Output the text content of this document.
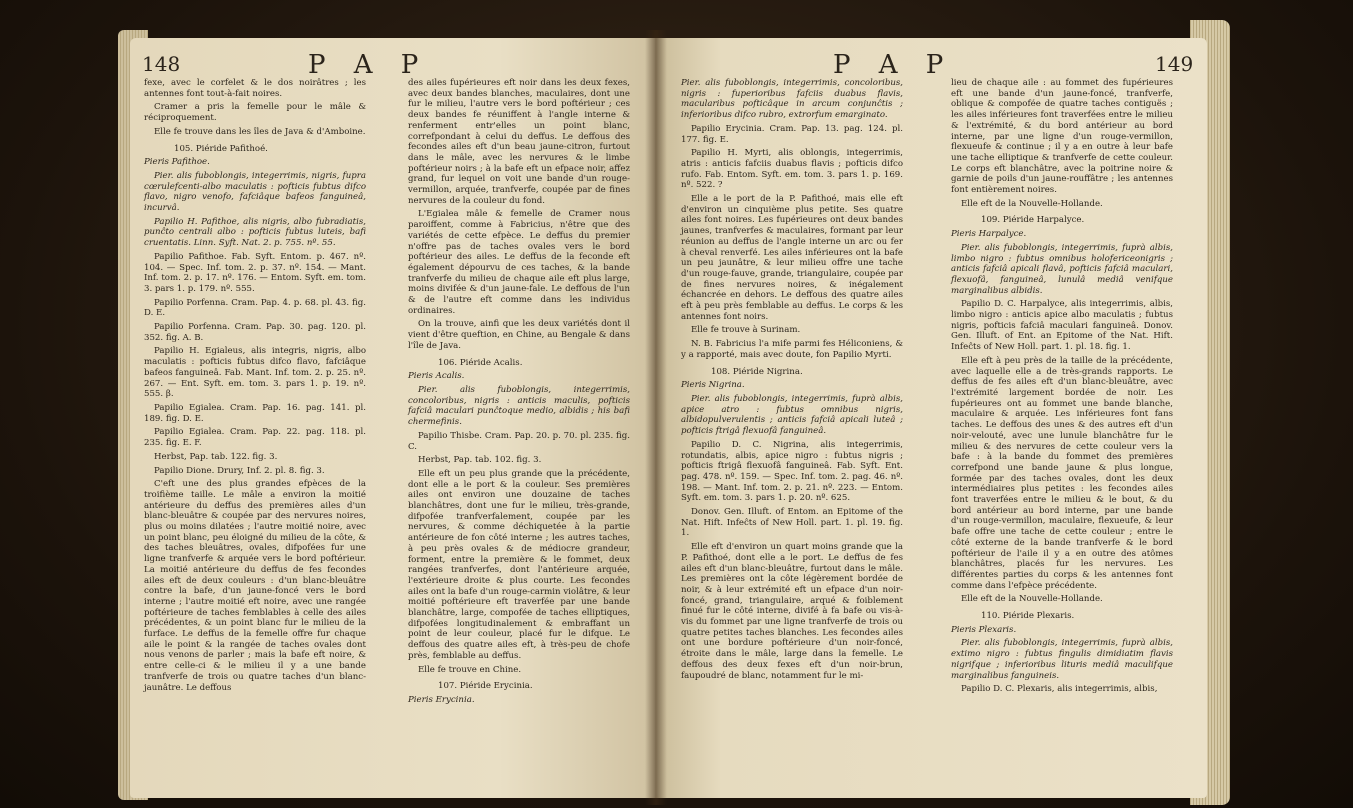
148	P A P

fexe, avec le corfelet & le dos noirâtres ; les antennes font tout-à-fait noires.

Cramer a pris la femelle pour le mâle & réciproquement.

Elle fe trouve dans les îles de Java & d'Amboine.

105. Piéride Pafithoé.

Pieris Pafithoe.

Pier. alis fuboblongis, integerrimis, nigris, fupra cœrulefcenti-albo maculatis : pofticis fubtus difco flavo, nigro venofo, fafciâque bafeos fanguineâ, incurvâ.

Papilio H. Pafithoe, alis nigris, albo fubradiatis, punĉto centrali albo : pofticis fubtus luteis, bafi cruentatis. Linn. Syft. Nat. 2. p. 755. nº. 55.

Papilio Pafithoe. Fab. Syft. Entom. p. 467. nº. 104. — Spec. Inf. tom. 2. p. 37. nº. 154. — Mant. Inf. tom. 2. p. 17. nº. 176. — Entom. Syft. em. tom. 3. pars 1. p. 179. nº. 555.

Papilio Porfenna. Cram. Pap. 4. p. 68. pl. 43. fig. D. E.

Papilio Porfenna. Cram. Pap. 30. pag. 120. pl. 352. fig. A. B.

Papilio H. Egialeus, alis integris, nigris, albo maculatis : pofticis fubtus difco flavo, fafciâque bafeos fanguineâ. Fab. Mant. Inf. tom. 2. p. 25. nº. 267. — Ent. Syft. em. tom. 3. pars 1. p. 19. nº. 555. β.

Papilio Egialea. Cram. Pap. 16. pag. 141. pl. 189. fig. D. E.

Papilio Egialea. Cram. Pap. 22. pag. 118. pl. 235. fig. E. F.

Herbst, Pap. tab. 122. fig. 3.

Papilio Dione. Drury, Inf. 2. pl. 8. fig. 3.

C'eft une des plus grandes efpèces de la troifième taille. Le mâle a environ la moitié antérieure du deffus des premières ailes d'un blanc-bleuâtre & coupée par des nervures noires, plus ou moins dilatées ; l'autre moitié noire, avec un point blanc, peu éloigné du milieu de la côte, & des taches bleuâtres, ovales, difpofées fur une ligne tranfverfe & arquée vers le bord poftérieur. La moitié antérieure du deffus de fes fecondes ailes eft de deux couleurs : d'un blanc-bleuâtre contre la bafe, d'un jaune-foncé vers le bord interne ; l'autre moitié eft noire, avec une rangée poftérieure de taches femblables à celle des ailes précédentes, & un point blanc fur le milieu de la furface. Le deffus de la femelle offre fur chaque aile le point & la rangée de taches ovales dont nous venons de parler ; mais la bafe eft noire, & entre celle-ci & le milieu il y a une bande tranfverfe de trois ou quatre taches d'un blanc-jaunâtre. Le deffous

des ailes fupérieures eft noir dans les deux fexes, avec deux bandes blanches, maculaires, dont une fur le milieu, l'autre vers le bord poftérieur ; ces deux bandes fe réuniffent à l'angle interne & renferment entr'elles un point blanc, correfpondant à celui du deffus. Le deffous des fecondes ailes eft d'un beau jaune-citron, furtout dans le mâle, avec les nervures & le limbe poftérieur noirs ; à la bafe eft un efpace noir, affez grand, fur lequel on voit une bande d'un rouge-vermillon, arquée, tranfverfe, coupée par de fines nervures de la couleur du fond.

L'Egialea mâle & femelle de Cramer nous paroiffent, comme à Fabricius, n'être que des variétés de cette efpèce. Le deffus du premier n'offre pas de taches ovales vers le bord poftérieur des ailes. Le deffus de la feconde eft également dépourvu de ces taches, & la bande tranfverfe du milieu de chaque aile eft plus large, moins divifée & d'un jaune-fale. Le deffous de l'un & de l'autre eft comme dans les individus ordinaires.

On la trouve, ainfi que les deux variétés dont il vient d'être queftion, en Chine, au Bengale & dans l'île de Java.

106. Piéride Acalis.

Pieris Acalis.

Pier. alis fuboblongis, integerrimis, concoloribus, nigris : anticis maculis, pofticis fafciâ maculari punĉtoque medio, albidis ; his bafi chermefinis.

Papilio Thisbe. Cram. Pap. 20. p. 70. pl. 235. fig. C.

Herbst, Pap. tab. 102. fig. 3.

Elle eft un peu plus grande que la précédente, dont elle a le port & la couleur. Ses premières ailes ont environ une douzaine de taches blanchâtres, dont une fur le milieu, très-grande, difpofée tranfverfalement, coupée par les nervures, & comme déchiquetée à la partie antérieure de fon côté interne ; les autres taches, à peu près ovales & de médiocre grandeur, forment, entre la première & le fommet, deux rangées tranfverfes, dont l'antérieure arquée, l'extérieure droite & plus courte. Les fecondes ailes ont la bafe d'un rouge-carmin violâtre, & leur moitié poftérieure eft traverfée par une bande blanchâtre, large, compofée de taches elliptiques, difpofées longitudinalement & embraffant un point de leur couleur, placé fur le difque. Le deffous des quatre ailes eft, à très-peu de chofe près, femblable au deffus.

Elle fe trouve en Chine.

107. Piéride Erycinia.

Pieris Erycinia.

P A P	149

Pier. alis fuboblongis, integerrimis, concoloribus, nigris : fuperioribus fafciis duabus flavis, macularibus pofticâque in arcum conjunĉtis ; inferioribus difco rubro, extrorfum emarginato.

Papilio Erycinia. Cram. Pap. 13. pag. 124. pl. 177. fig. E.

Papilio H. Myrti, alis oblongis, integerrimis, atris : anticis fafciis duabus flavis ; pofticis difco rufo. Fab. Entom. Syft. em. tom. 3. pars 1. p. 169. nº. 522. ?

Elle a le port de la P. Pafithoé, mais elle eft d'environ un cinquième plus petite. Ses quatre ailes font noires. Les fupérieures ont deux bandes jaunes, tranfverfes & maculaires, formant par leur réunion au deffus de l'angle interne un arc ou fer à cheval renverfé. Les ailes inférieures ont la bafe un peu jaunâtre, & leur milieu offre une tache d'un rouge-fauve, grande, triangulaire, coupée par de fines nervures noires, & inégalement échancrée en dehors. Le deffous des quatre ailes eft à peu près femblable au deffus. Le corps & les antennes font noirs.

Elle fe trouve à Surinam.

N. B. Fabricius l'a mife parmi fes Héliconiens, & y a rapporté, mais avec doute, fon Papilio Myrti.

108. Piéride Nigrina.

Pieris Nigrina.

Pier. alis fuboblongis, integerrimis, fuprà albis, apice atro : fubtus omnibus nigris, albidopulverulentis ; anticis fafciâ apicali luteâ ; pofticis ftrigâ flexuofâ fanguineâ.

Papilio D. C. Nigrina, alis integerrimis, rotundatis, albis, apice nigro : fubtus nigris ; pofticis ftrigâ flexuofâ fanguineâ. Fab. Syft. Ent. pag. 478. nº. 159. — Spec. Inf. tom. 2. pag. 46. nº. 198. — Mant. Inf. tom. 2. p. 21. nº. 223. — Entom. Syft. em. tom. 3. pars 1. p. 20. nº. 625.

Donov. Gen. Illuft. of Entom. an Epitome of the Nat. Hift. Infeĉts of New Holl. part. 1. pl. 19. fig. 1.

Elle eft d'environ un quart moins grande que la P. Pafithoé, dont elle a le port. Le deffus de fes ailes eft d'un blanc-bleuâtre, furtout dans le mâle. Les premières ont la côte légèrement bordée de noir, & à leur extrémité eft un efpace d'un noir-foncé, grand, triangulaire, arqué & foiblement finué fur le côté interne, divifé à fa bafe ou vis-à-vis du fommet par une ligne tranfverfe de trois ou quatre petites taches blanches. Les fecondes ailes ont une bordure poftérieure d'un noir-foncé, étroite dans le mâle, large dans la femelle. Le deffous des deux fexes eft d'un noir-brun, faupoudré de blanc, notamment fur le mi-

lieu de chaque aile : au fommet des fupérieures eft une bande d'un jaune-foncé, tranfverfe, oblique & compofée de quatre taches contiguës ; les ailes inférieures font traverfées entre le milieu & l'extrémité, & du bord antérieur au bord interne, par une ligne d'un rouge-vermillon, flexueufe & continue ; il y a en outre à leur bafe une tache elliptique & tranfverfe de cette couleur. Le corps eft blanchâtre, avec la poitrine noire & garnie de poils d'un jaune-rouffâtre ; les antennes font entièrement noires.

Elle eft de la Nouvelle-Hollande.

109. Piéride Harpalyce.

Pieris Harpalyce.

Pier. alis fuboblongis, integerrimis, fuprà albis, limbo nigro : fubtus omnibus holofericeonigris ; anticis fafciâ apicali flavâ, pofticis fafciâ maculari, flexuofâ, fanguineâ, lunulâ mediâ venifque marginalibus albidis.

Papilio D. C. Harpalyce, alis integerrimis, albis, limbo nigro : anticis apice albo maculatis ; fubtus nigris, pofticis fafciâ maculari fanguineâ. Donov. Gen. Illuft. of Ent. an Epitome of the Nat. Hift. Infeĉts of New Holl. part. 1. pl. 18. fig. 1.

Elle eft à peu près de la taille de la précédente, avec laquelle elle a de très-grands rapports. Le deffus de fes ailes eft d'un blanc-bleuâtre, avec l'extrémité largement bordée de noir. Les fupérieures ont au fommet une bande blanche, maculaire & arquée. Les inférieures font fans taches. Le deffous des unes & des autres eft d'un noir-velouté, avec une lunule blanchâtre fur le milieu & des nervures de cette couleur vers la bafe : à la bande du fommet des premières correfpond une bande jaune & plus longue, formée par des taches ovales, dont les deux intermédiaires plus petites : les fecondes ailes font traverfées entre le milieu & le bout, & du bord antérieur au bord interne, par une bande d'un rouge-vermillon, maculaire, flexueufe, & leur bafe offre une tache de cette couleur ; entre le côté externe de la bande tranfverfe & le bord poftérieur de l'aile il y a en outre des atômes blanchâtres, placés fur les nervures. Les différentes parties du corps & les antennes font comme dans l'efpèce précédente.

Elle eft de la Nouvelle-Hollande.

110. Piéride Plexaris.

Pieris Plexaris.

Pier. alis fuboblongis, integerrimis, fuprà albis, extimo nigro : fubtus fingulis dimidiatim flavis nigrifque ; inferioribus lituris mediâ maculifque marginalibus fanguineis.

Papilio D. C. Plexaris, alis integerrimis, albis,
